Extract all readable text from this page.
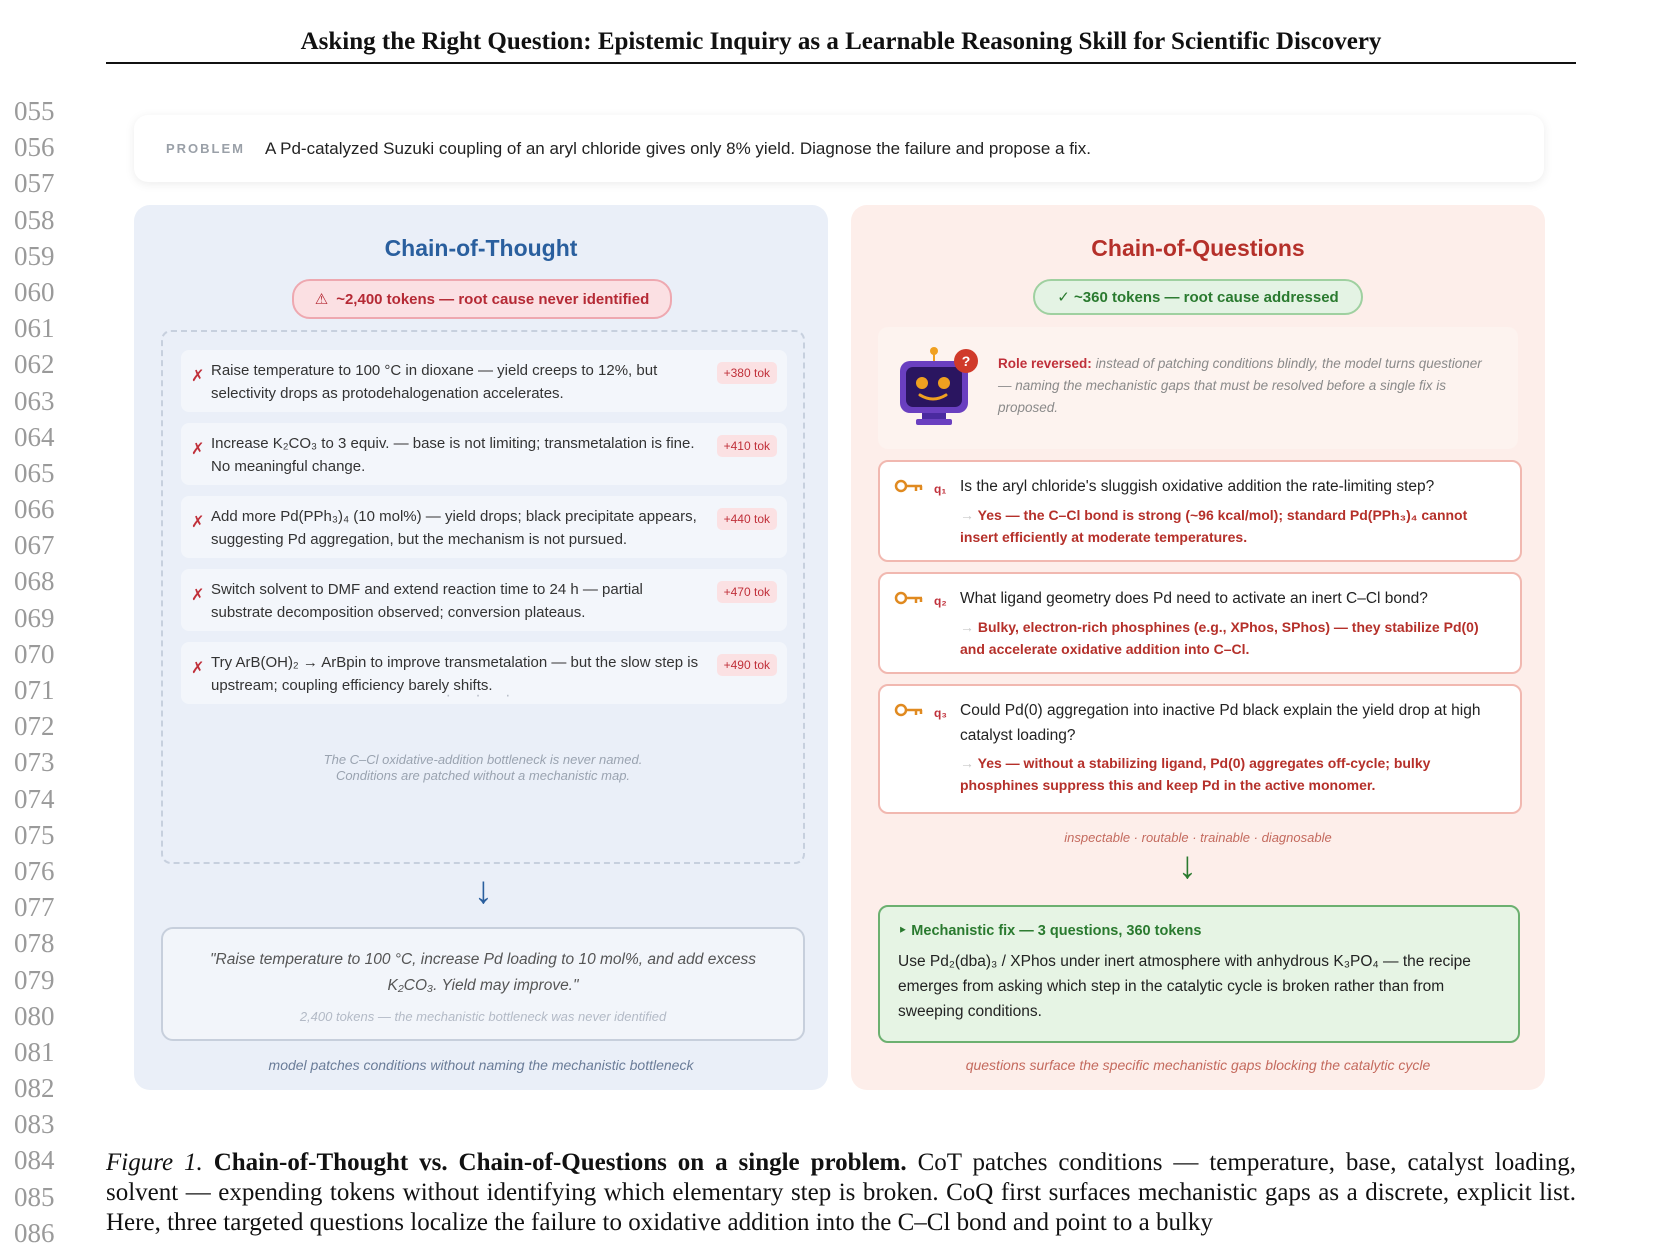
Asking the Right Question: Epistemic Inquiry as a Learnable Reasoning Skill for Scientific Discovery
055
056
057
058
059
060
061
062
063
064
065
066
067
068
069
070
071
072
073
074
075
076
077
078
079
080
081
082
083
084
085
086
PROBLEM A Pd-catalyzed Suzuki coupling of an aryl chloride gives only 8% yield. Diagnose the failure and propose a fix.
Chain-of-Thought
⚠ ~2,400 tokens — root cause never identified
✗ Raise temperature to 100 °C in dioxane — yield creeps to 12%, but selectivity drops as protodehalogenation accelerates.
+380 tok
✗ Increase K₂CO₃ to 3 equiv. — base is not limiting; transmetalation is fine. No meaningful change.
+410 tok
✗ Add more Pd(PPh₃)₄ (10 mol%) — yield drops; black precipitate appears, suggesting Pd aggregation, but the mechanism is not pursued.
+440 tok
✗ Switch solvent to DMF and extend reaction time to 24 h — partial substrate decomposition observed; conversion plateaus.
+470 tok
✗ Try ArB(OH)₂ → ArBpin to improve transmetalation — but the slow step is upstream; coupling efficiency barely shifts.
+490 tok
· · ·
The C–Cl oxidative-addition bottleneck is never named.
Conditions are patched without a mechanistic map.
↓
"Raise temperature to 100 °C, increase Pd loading to 10 mol%, and add excess K₂CO₃. Yield may improve."
2,400 tokens — the mechanistic bottleneck was never identified
model patches conditions without naming the mechanistic bottleneck
Chain-of-Questions
✓ ~360 tokens — root cause addressed
? Role reversed: instead of patching conditions blindly, the model turns questioner — naming the mechanistic gaps that must be resolved before a single fix is proposed.
q₁ Is the aryl chloride's sluggish oxidative addition the rate-limiting step?
→ Yes — the C–Cl bond is strong (~96 kcal/mol); standard Pd(PPh₃)₄ cannot insert efficiently at moderate temperatures.
q₂ What ligand geometry does Pd need to activate an inert C–Cl bond?
→ Bulky, electron-rich phosphines (e.g., XPhos, SPhos) — they stabilize Pd(0) and accelerate oxidative addition into C–Cl.
q₃ Could Pd(0) aggregation into inactive Pd black explain the yield drop at high catalyst loading?
→ Yes — without a stabilizing ligand, Pd(0) aggregates off-cycle; bulky phosphines suppress this and keep Pd in the active monomer.
inspectable · routable · trainable · diagnosable
↓
‣ Mechanistic fix — 3 questions, 360 tokens
Use Pd₂(dba)₃ / XPhos under inert atmosphere with anhydrous K₃PO₄ — the recipe emerges from asking which step in the catalytic cycle is broken rather than from sweeping conditions.
questions surface the specific mechanistic gaps blocking the catalytic cycle
Figure 1. Chain-of-Thought vs. Chain-of-Questions on a single problem. CoT patches conditions — temperature, base, catalyst loading, solvent — expending tokens without identifying which elementary step is broken. CoQ first surfaces mechanistic gaps as a discrete, explicit list. Here, three targeted questions localize the failure to oxidative addition into the C–Cl bond and point to a bulky
